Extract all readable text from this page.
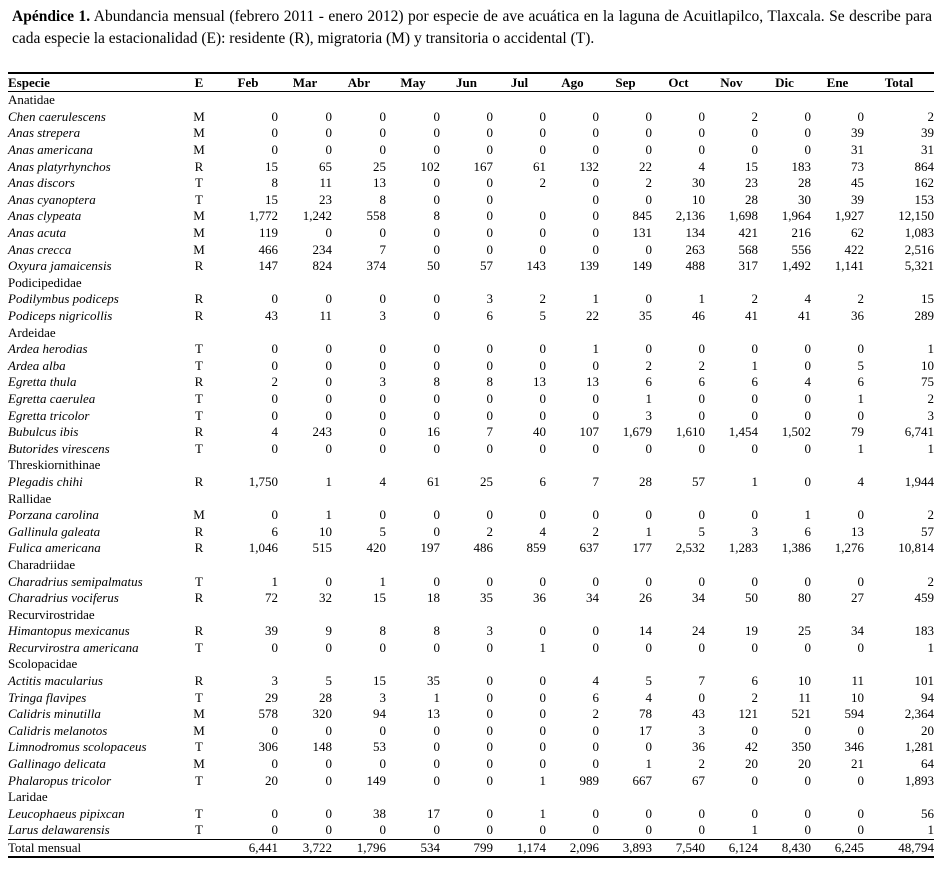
Apéndice 1. Abundancia mensual (febrero 2011 - enero 2012) por especie de ave acuática en la laguna de Acuitlapilco, Tlaxcala. Se describe para cada especie la estacionalidad (E): residente (R), migratoria (M) y transitoria o accidental (T).
Especie	E	Feb	Mar	Abr	May	Jun	Jul	Ago	Sep	Oct	Nov	Dic	Ene	Total
Anatidae														
Chen caerulescens	M	0	0	0	0	0	0	0	0	0	2	0	0	2
Anas strepera	M	0	0	0	0	0	0	0	0	0	0	0	39	39
Anas americana	M	0	0	0	0	0	0	0	0	0	0	0	31	31
Anas platyrhynchos	R	15	65	25	102	167	61	132	22	4	15	183	73	864
Anas discors	T	8	11	13	0	0	2	0	2	30	23	28	45	162
Anas cyanoptera	T	15	23	8	0	0		0	0	10	28	30	39	153
Anas clypeata	M	1,772	1,242	558	8	0	0	0	845	2,136	1,698	1,964	1,927	12,150
Anas acuta	M	119	0	0	0	0	0	0	131	134	421	216	62	1,083
Anas crecca	M	466	234	7	0	0	0	0	0	263	568	556	422	2,516
Oxyura jamaicensis	R	147	824	374	50	57	143	139	149	488	317	1,492	1,141	5,321
Podicipedidae														
Podilymbus podiceps	R	0	0	0	0	3	2	1	0	1	2	4	2	15
Podiceps nigricollis	R	43	11	3	0	6	5	22	35	46	41	41	36	289
Ardeidae														
Ardea herodias	T	0	0	0	0	0	0	1	0	0	0	0	0	1
Ardea alba	T	0	0	0	0	0	0	0	2	2	1	0	5	10
Egretta thula	R	2	0	3	8	8	13	13	6	6	6	4	6	75
Egretta caerulea	T	0	0	0	0	0	0	0	1	0	0	0	1	2
Egretta tricolor	T	0	0	0	0	0	0	0	3	0	0	0	0	3
Bubulcus ibis	R	4	243	0	16	7	40	107	1,679	1,610	1,454	1,502	79	6,741
Butorides virescens	T	0	0	0	0	0	0	0	0	0	0	0	1	1
Threskiornithinae														
Plegadis chihi	R	1,750	1	4	61	25	6	7	28	57	1	0	4	1,944
Rallidae														
Porzana carolina	M	0	1	0	0	0	0	0	0	0	0	1	0	2
Gallinula galeata	R	6	10	5	0	2	4	2	1	5	3	6	13	57
Fulica americana	R	1,046	515	420	197	486	859	637	177	2,532	1,283	1,386	1,276	10,814
Charadriidae														
Charadrius semipalmatus	T	1	0	1	0	0	0	0	0	0	0	0	0	2
Charadrius vociferus	R	72	32	15	18	35	36	34	26	34	50	80	27	459
Recurvirostridae														
Himantopus mexicanus	R	39	9	8	8	3	0	0	14	24	19	25	34	183
Recurvirostra americana	T	0	0	0	0	0	1	0	0	0	0	0	0	1
Scolopacidae														
Actitis macularius	R	3	5	15	35	0	0	4	5	7	6	10	11	101
Tringa flavipes	T	29	28	3	1	0	0	6	4	0	2	11	10	94
Calidris minutilla	M	578	320	94	13	0	0	2	78	43	121	521	594	2,364
Calidris melanotos	M	0	0	0	0	0	0	0	17	3	0	0	0	20
Limnodromus scolopaceus	T	306	148	53	0	0	0	0	0	36	42	350	346	1,281
Gallinago delicata	M	0	0	0	0	0	0	0	1	2	20	20	21	64
Phalaropus tricolor	T	20	0	149	0	0	1	989	667	67	0	0	0	1,893
Laridae														
Leucophaeus pipixcan	T	0	0	38	17	0	1	0	0	0	0	0	0	56
Larus delawarensis	T	0	0	0	0	0	0	0	0	0	1	0	0	1
Total mensual		6,441	3,722	1,796	534	799	1,174	2,096	3,893	7,540	6,124	8,430	6,245	48,794
